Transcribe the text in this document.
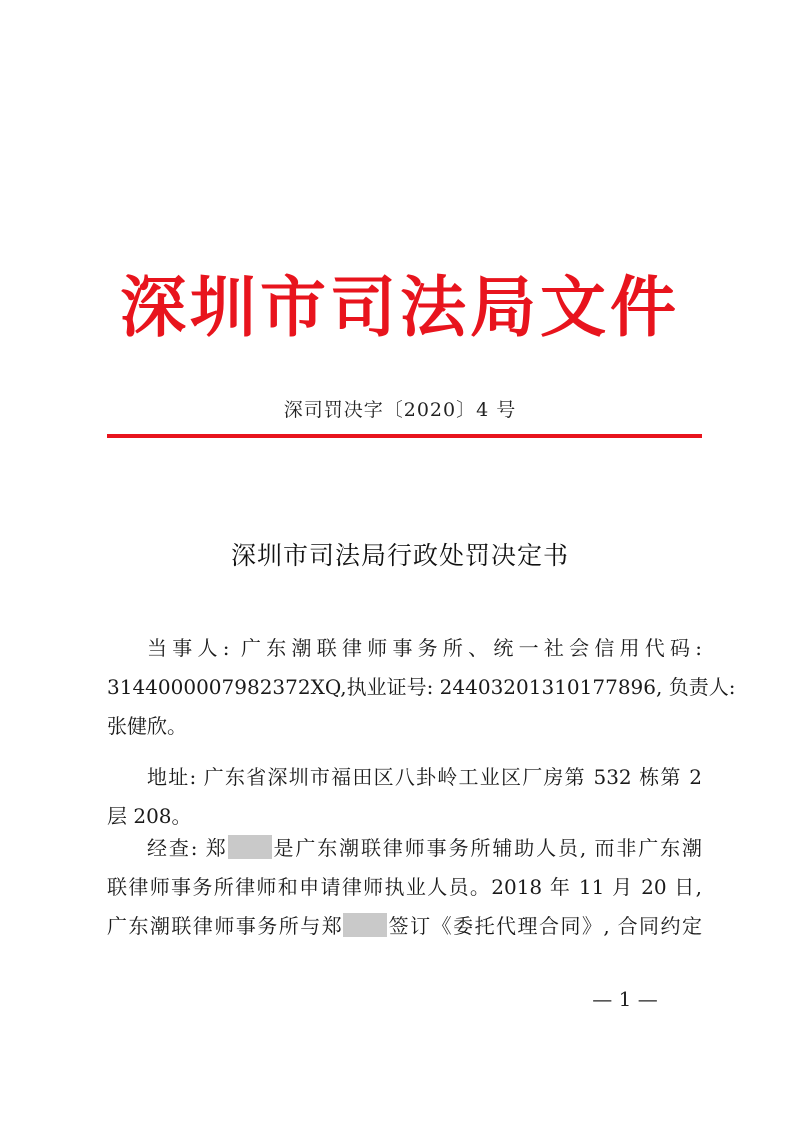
深圳市司法局文件
深司罚决字〔2020〕4 号
深圳市司法局行政处罚决定书

当事人: 广东潮联律师事务所、统一社会信用代码:
3144000007982372XQ,执业证号: 24403201310177896, 负责人:
张健欣。

地址: 广东省深圳市福田区八卦岭工业区厂房第 532 栋第 2
层 208。

经查: 郑 是广东潮联律师事务所辅助人员, 而非广东潮
联律师事务所律师和申请律师执业人员。2018 年 11 月 20 日,
广东潮联律师事务所与郑 签订《委托代理合同》, 合同约定

— 1 —
